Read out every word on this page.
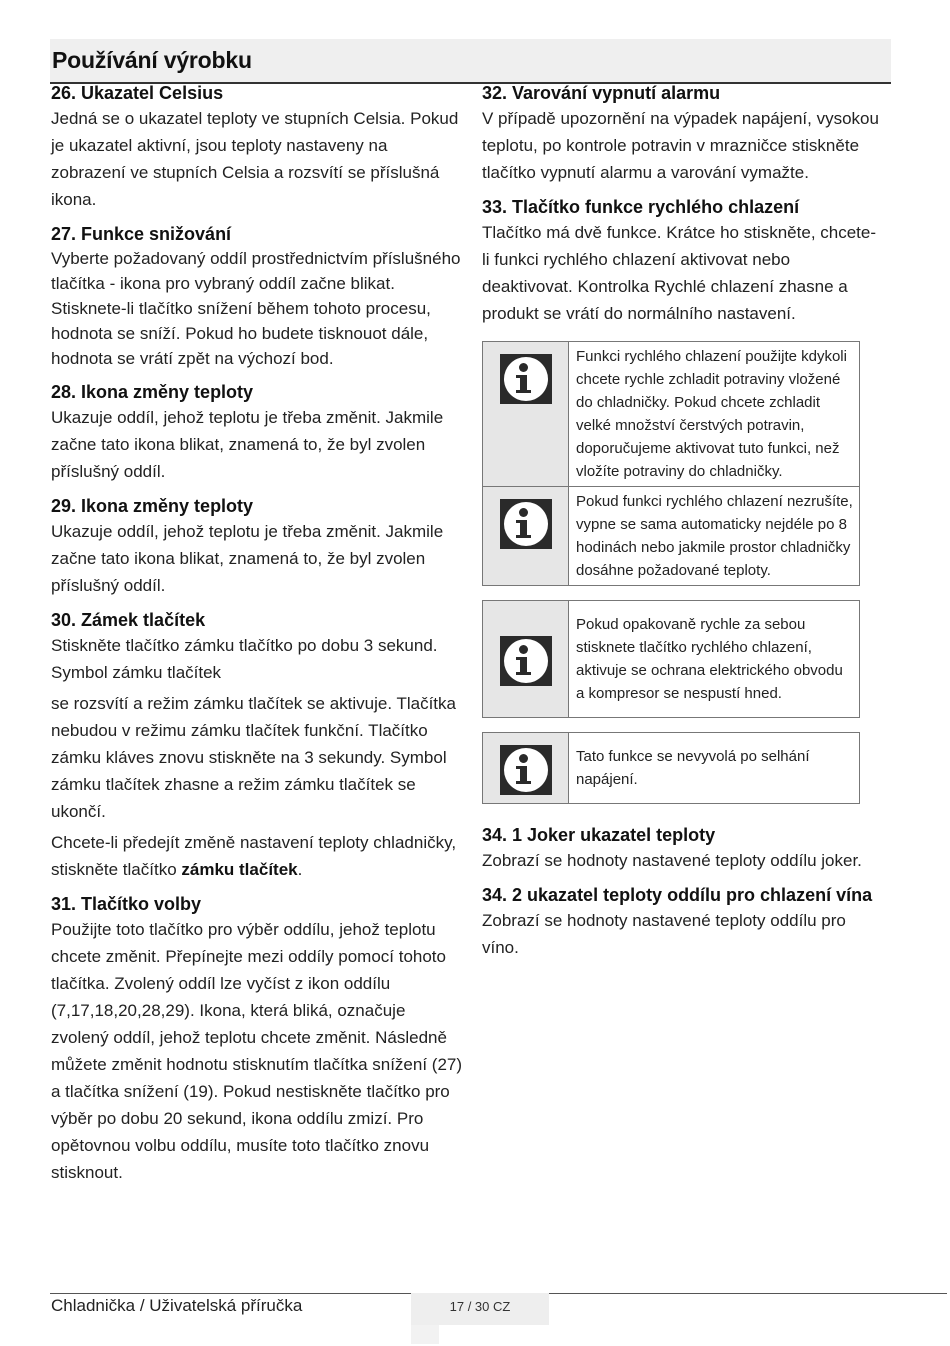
Používání výrobku
26. Ukazatel Celsius

Jedná se o ukazatel teploty ve stupních Celsia. Pokud je ukazatel aktivní, jsou teploty nastaveny na zobrazení ve stupních Celsia a rozsvítí se příslušná ikona.

27. Funkce snižování

Vyberte požadovaný oddíl prostřednictvím příslušného tlačítka - ikona pro vybraný oddíl začne blikat. Stisknete-li tlačítko snížení během tohoto procesu, hodnota se sníží. Pokud ho budete tisknouot dále, hodnota se vrátí zpět na výchozí bod.

28. Ikona změny teploty

Ukazuje oddíl, jehož teplotu je třeba změnit. Jakmile začne tato ikona blikat, znamená to, že byl zvolen příslušný oddíl.

29. Ikona změny teploty

Ukazuje oddíl, jehož teplotu je třeba změnit. Jakmile začne tato ikona blikat, znamená to, že byl zvolen příslušný oddíl.

30. Zámek tlačítek

Stiskněte tlačítko zámku tlačítko po dobu 3 sekund. Symbol zámku tlačítek

se rozsvítí a režim zámku tlačítek se aktivuje. Tlačítka nebudou v režimu zámku tlačítek funkční. Tlačítko zámku kláves znovu stiskněte na 3 sekundy. Symbol zámku tlačítek zhasne a režim zámku tlačítek se ukončí.

Chcete-li předejít změně nastavení teploty chladničky, stiskněte tlačítko zámku tlačítek.

31. Tlačítko volby

Použijte toto tlačítko pro výběr oddílu, jehož teplotu chcete změnit. Přepínejte mezi oddíly pomocí tohoto tlačítka. Zvolený oddíl lze vyčíst z ikon oddílu (7,17,18,20,28,29). Ikona, která bliká, označuje zvolený oddíl, jehož teplotu chcete změnit. Následně můžete změnit hodnotu stisknutím tlačítka snížení (27) a tlačítka snížení (19). Pokud nestiskněte tlačítko pro výběr po dobu 20 sekund, ikona oddílu zmizí. Pro opětovnou volbu oddílu, musíte toto tlačítko znovu stisknout.

32. Varování vypnutí alarmu

V případě upozornění na výpadek napájení, vysokou teplotu, po kontrole potravin v mrazničce stiskněte tlačítko vypnutí alarmu a varování vymažte.

33. Tlačítko funkce rychlého chlazení

Tlačítko má dvě funkce. Krátce ho stiskněte, chcete-li funkci rychlého chlazení aktivovat nebo deaktivovat. Kontrolka Rychlé chlazení zhasne a produkt se vrátí do normálního nastavení.

Funkci rychlého chlazení použijte kdykoli chcete rychle zchladit potraviny vložené do chladničky. Pokud chcete zchladit velké množství čerstvých potravin, doporučujeme aktivovat tuto funkci, než vložíte potraviny do chladničky.
Pokud funkci rychlého chlazení nezrušíte, vypne se sama automaticky nejdéle po 8 hodinách nebo jakmile prostor chladničky dosáhne požadované teploty.
Pokud opakovaně rychle za sebou stisknete tlačítko rychlého chlazení, aktivuje se ochrana elektrického obvodu a kompresor se nespustí hned.
Tato funkce se nevyvolá po selhání napájení.
34. 1 Joker ukazatel teploty

Zobrazí se hodnoty nastavené teploty oddílu joker.

34. 2 ukazatel teploty oddílu pro chlazení vína

Zobrazí se hodnoty nastavené teploty oddílu pro víno.

Chladnička / Uživatelská příručka	17 / 30 CZ
